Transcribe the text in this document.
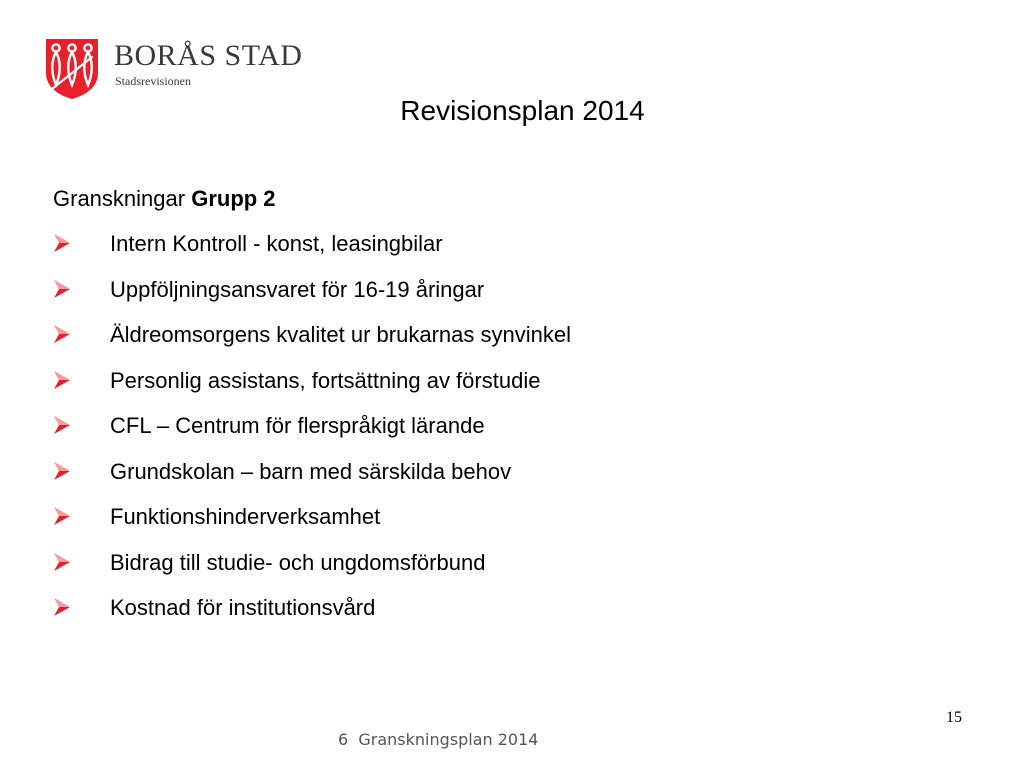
BORÅS STAD
Stadsrevisionen
Revisionsplan 2014
Granskningar Grupp 2
Intern Kontroll - konst, leasingbilar
Uppföljningsansvaret för 16-19 åringar
Äldreomsorgens kvalitet ur brukarnas synvinkel
Personlig assistans, fortsättning av förstudie
CFL – Centrum för flerspråkigt lärande
Grundskolan – barn med särskilda behov
Funktionshinderverksamhet
Bidrag till studie- och ungdomsförbund
Kostnad för institutionsvård
15
6 Granskningsplan 2014
